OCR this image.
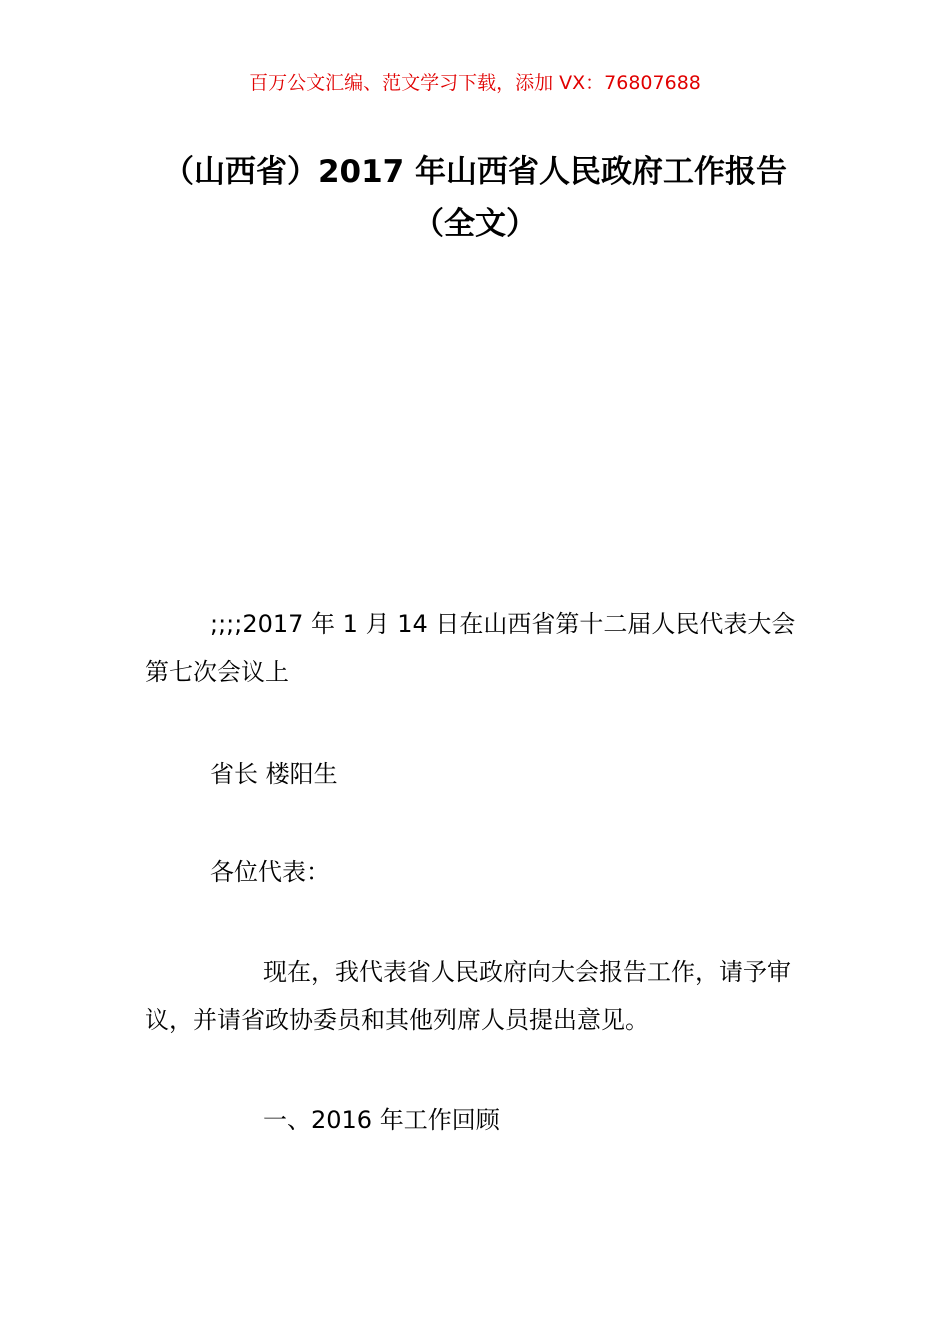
百万公文汇编、范文学习下载，添加 VX：76807688
（山西省）2017 年山西省人民政府工作报告（全文）

;;;;2017 年 1 月 14 日在山西省第十二届人民代表大会第七次会议上

省长 楼阳生

各位代表：

现在，我代表省人民政府向大会报告工作，请予审议，并请省政协委员和其他列席人员提出意见。

一、2016 年工作回顾
